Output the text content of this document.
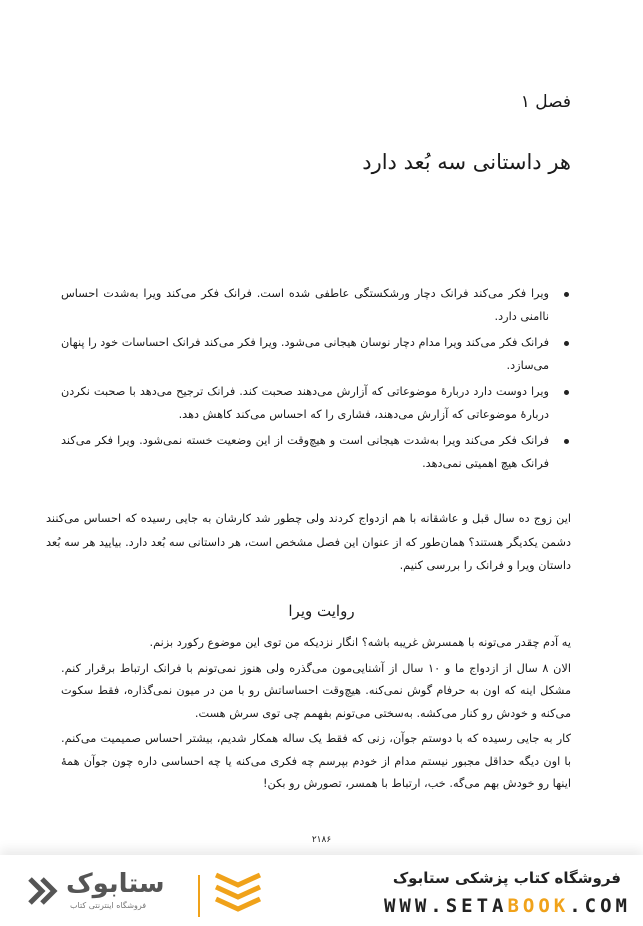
فصل ۱
هر داستانی سه بُعد دارد
ویرا فکر می‌کند فرانک دچار ورشکستگی عاطفی شده است. فرانک فکر می‌کند ویرا به‌شدت احساس ناامنی دارد.
فرانک فکر می‌کند ویرا مدام دچار نوسان هیجانی می‌شود. ویرا فکر می‌کند فرانک احساسات خود را پنهان می‌سازد.
ویرا دوست دارد دربارهٔ موضوعاتی که آزارش می‌دهند صحبت کند. فرانک ترجیح می‌دهد با صحبت نکردن دربارهٔ موضوعاتی که آزارش می‌دهند، فشاری را که احساس می‌کند کاهش دهد.
فرانک فکر می‌کند ویرا به‌شدت هیجانی است و هیچ‌وقت از این وضعیت خسته نمی‌شود. ویرا فکر می‌کند فرانک هیچ اهمیتی نمی‌دهد.

این زوج ده سال قبل و عاشقانه با هم ازدواج کردند ولی چطور شد کارشان به جایی رسیده که احساس می‌کنند دشمن یکدیگر هستند؟ همان‌طور که از عنوان این فصل مشخص است، هر داستانی سه بُعد دارد. بیایید هر سه بُعد داستان ویرا و فرانک را بررسی کنیم.

روایت ویرا

یه آدم چقدر می‌تونه با همسرش غریبه باشه؟ انگار نزدیکه من توی این موضوع رکورد بزنم.

الان ۸ سال از ازدواج ما و ۱۰ سال از آشنایی‌مون می‌گذره ولی هنوز نمی‌تونم با فرانک ارتباط برقرار کنم. مشکل اینه که اون به حرفام گوش نمی‌کنه. هیچ‌وقت احساساتش رو با من در میون نمی‌گذاره، فقط سکوت می‌کنه و خودش رو کنار می‌کشه. به‌سختی می‌تونم بفهمم چی توی سرش هست.

کار به جایی رسیده که با دوستم جوآن، زنی که فقط یک ساله همکار شدیم، بیشتر احساس صمیمیت می‌کنم. با اون دیگه حداقل مجبور نیستم مدام از خودم بپرسم چه فکری می‌کنه یا چه احساسی داره چون جوآن همهٔ اینها رو خودش بهم می‌گه. خب، ارتباط با همسر، تصورش رو بکن!

۲۱۸۶
ستابوک
فروشگاه اینترنتی کتاب
فروشگاه کتاب پزشکی ستابوک
WWW.SETABOOK.COM
